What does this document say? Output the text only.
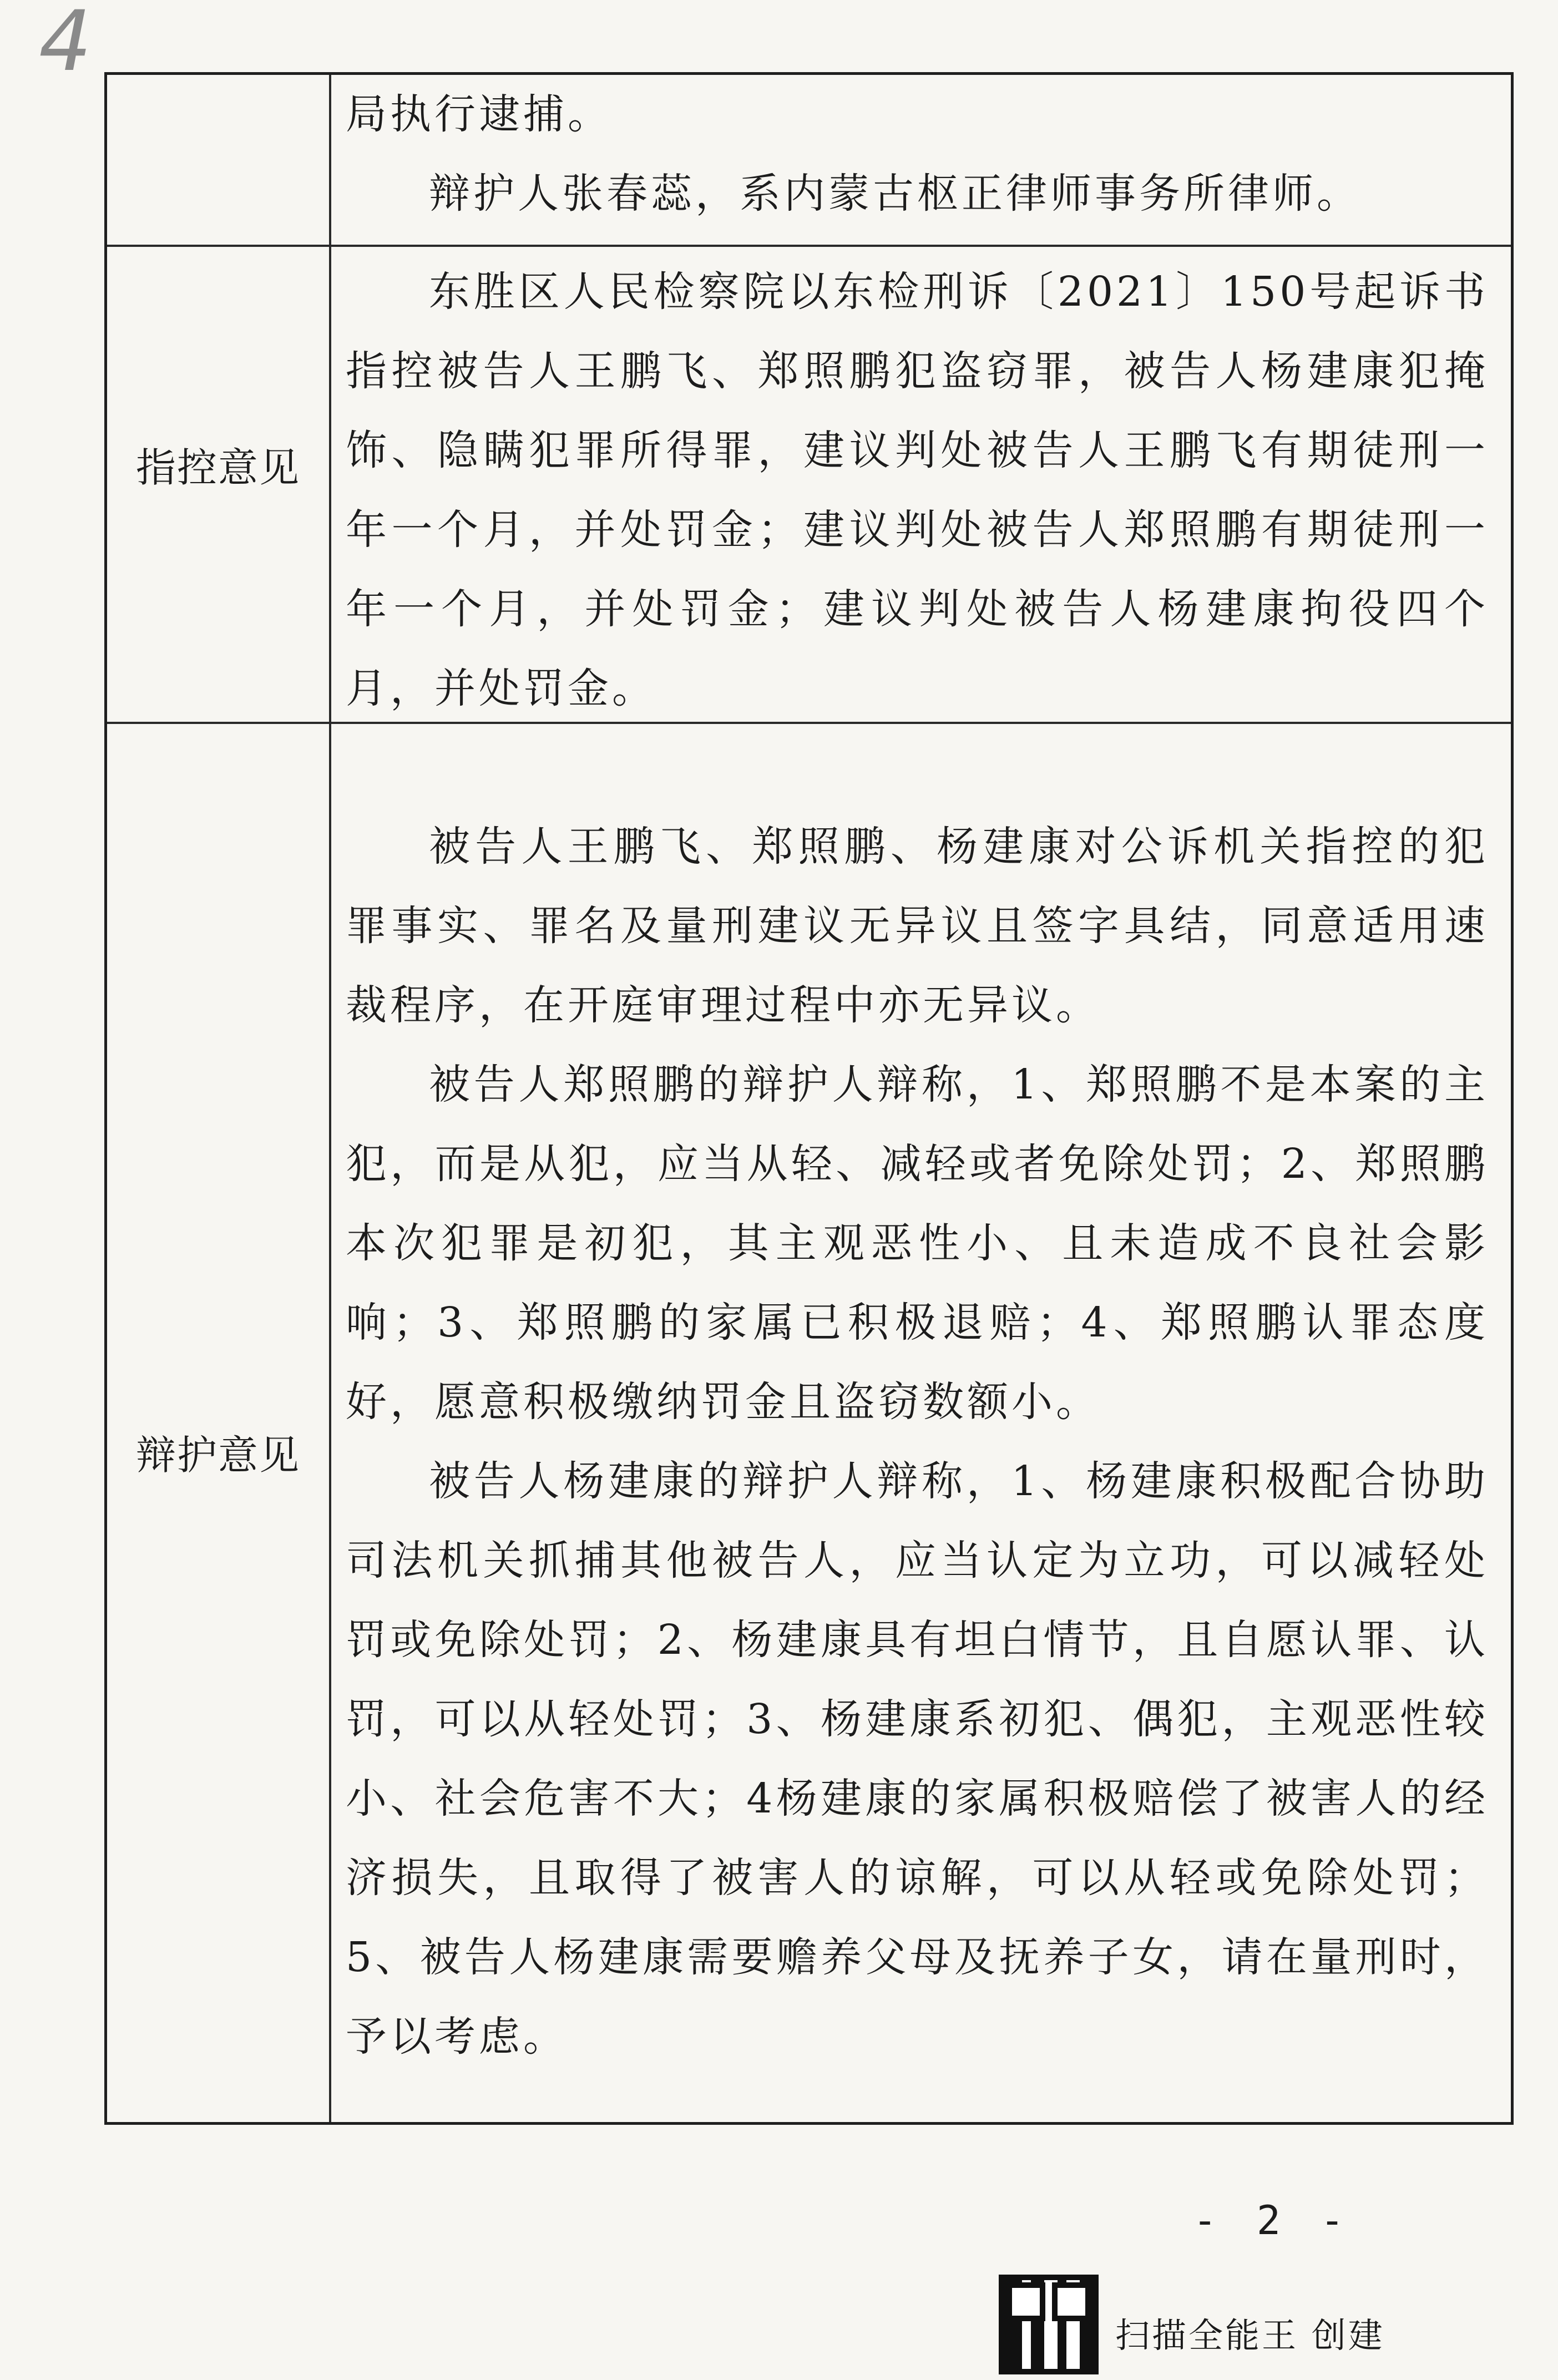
4

局执行逮捕。

辩护人张春蕊，系内蒙古枢正律师事务所律师。

指控意见

东胜区人民检察院以东检刑诉〔2021〕150号起诉书指控被告人王鹏飞、郑照鹏犯盗窃罪，被告人杨建康犯掩饰、隐瞒犯罪所得罪，建议判处被告人王鹏飞有期徒刑一年一个月，并处罚金；建议判处被告人郑照鹏有期徒刑一年一个月，并处罚金；建议判处被告人杨建康拘役四个月，并处罚金。

辩护意见

被告人王鹏飞、郑照鹏、杨建康对公诉机关指控的犯罪事实、罪名及量刑建议无异议且签字具结，同意适用速裁程序，在开庭审理过程中亦无异议。

被告人郑照鹏的辩护人辩称，1、郑照鹏不是本案的主犯，而是从犯，应当从轻、减轻或者免除处罚；2、郑照鹏本次犯罪是初犯，其主观恶性小、且未造成不良社会影响；3、郑照鹏的家属已积极退赔；4、郑照鹏认罪态度好，愿意积极缴纳罚金且盗窃数额小。

被告人杨建康的辩护人辩称，1、杨建康积极配合协助司法机关抓捕其他被告人，应当认定为立功，可以减轻处罚或免除处罚；2、杨建康具有坦白情节，且自愿认罪、认罚，可以从轻处罚；3、杨建康系初犯、偶犯，主观恶性较小、社会危害不大；4杨建康的家属积极赔偿了被害人的经济损失，且取得了被害人的谅解，可以从轻或免除处罚；5、被告人杨建康需要赡养父母及抚养子女，请在量刑时，予以考虑。

- 2 -
扫描全能王 创建
